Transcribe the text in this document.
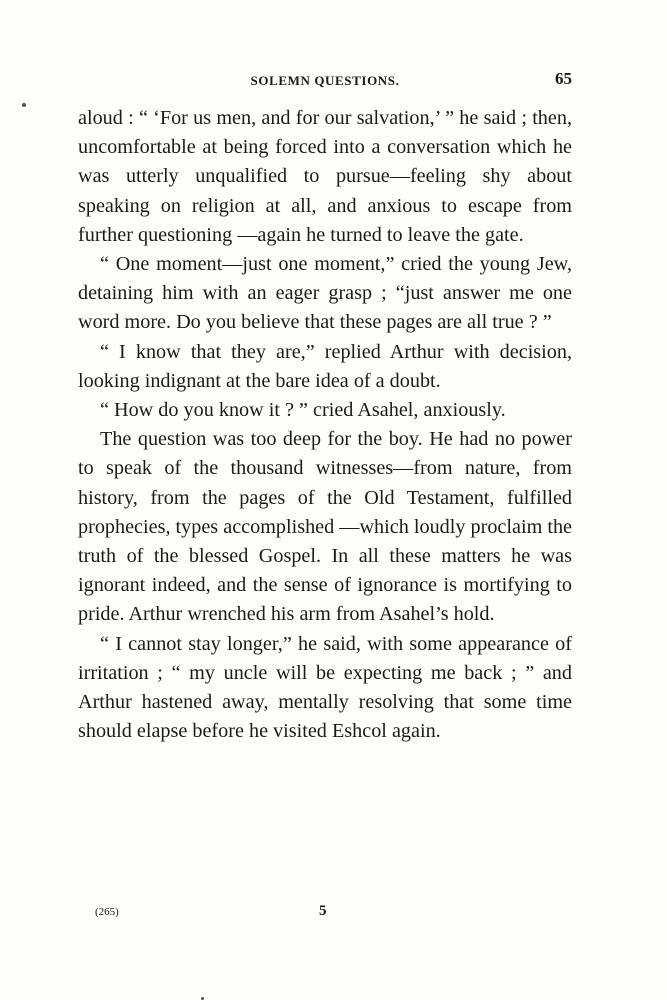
SOLEMN QUESTIONS.	65

aloud : “ ‘For us men, and for our salvation,’ ” he said ; then, uncomfortable at being forced into a conversation which he was utterly unqualified to pursue—feeling shy about speaking on religion at all, and anxious to escape from further questioning —again he turned to leave the gate.

“ One moment—just one moment,” cried the young Jew, detaining him with an eager grasp ; “just answer me one word more. Do you believe that these pages are all true ? ”

“ I know that they are,” replied Arthur with decision, looking indignant at the bare idea of a doubt.

“ How do you know it ? ” cried Asahel, anxiously.

The question was too deep for the boy. He had no power to speak of the thousand witnesses—from nature, from history, from the pages of the Old Testament, fulfilled prophecies, types accomplished —which loudly proclaim the truth of the blessed Gospel. In all these matters he was ignorant indeed, and the sense of ignorance is mortifying to pride. Arthur wrenched his arm from Asahel’s hold.

“ I cannot stay longer,” he said, with some appearance of irritation ; “ my uncle will be expecting me back ; ” and Arthur hastened away, mentally resolving that some time should elapse before he visited Eshcol again.

(265)	5
